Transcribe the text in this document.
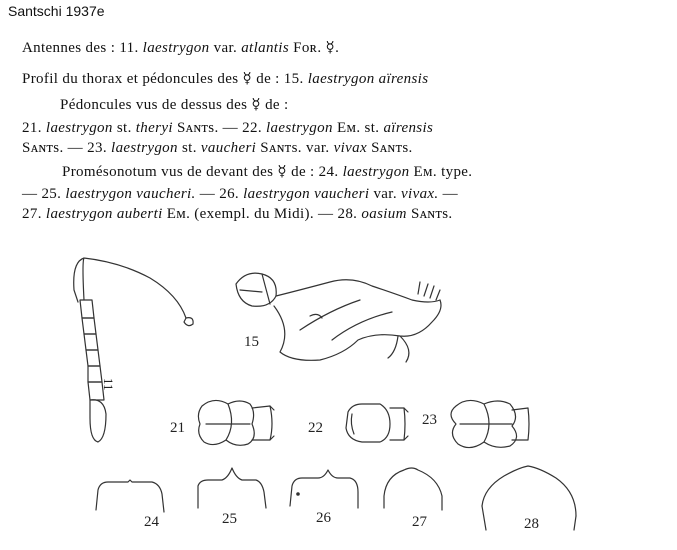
Santschi 1937e
Antennes des : 11. laestrygon var. atlantis Fᴏʀ. ☿.
Profil du thorax et pédoncules des ☿ de : 15. laestrygon aïrensis
Pédoncules vus de dessus des ☿ de :
21. laestrygon st. theryi Sᴀɴᴛs. — 22. laestrygon Eᴍ. st. aïrensis
Sᴀɴᴛs. — 23. laestrygon st. vaucheri Sᴀɴᴛs. var. vivax Sᴀɴᴛs.
Promésonotum vus de devant des ☿ de : 24. laestrygon Eᴍ. type.
— 25. laestrygon vaucheri. — 26. laestrygon vaucheri var. vivax. —
27. laestrygon auberti Eᴍ. (exempl. du Midi). — 28. oasium Sᴀɴᴛs.
11
15
21	22	23
24	25	26	27	28
